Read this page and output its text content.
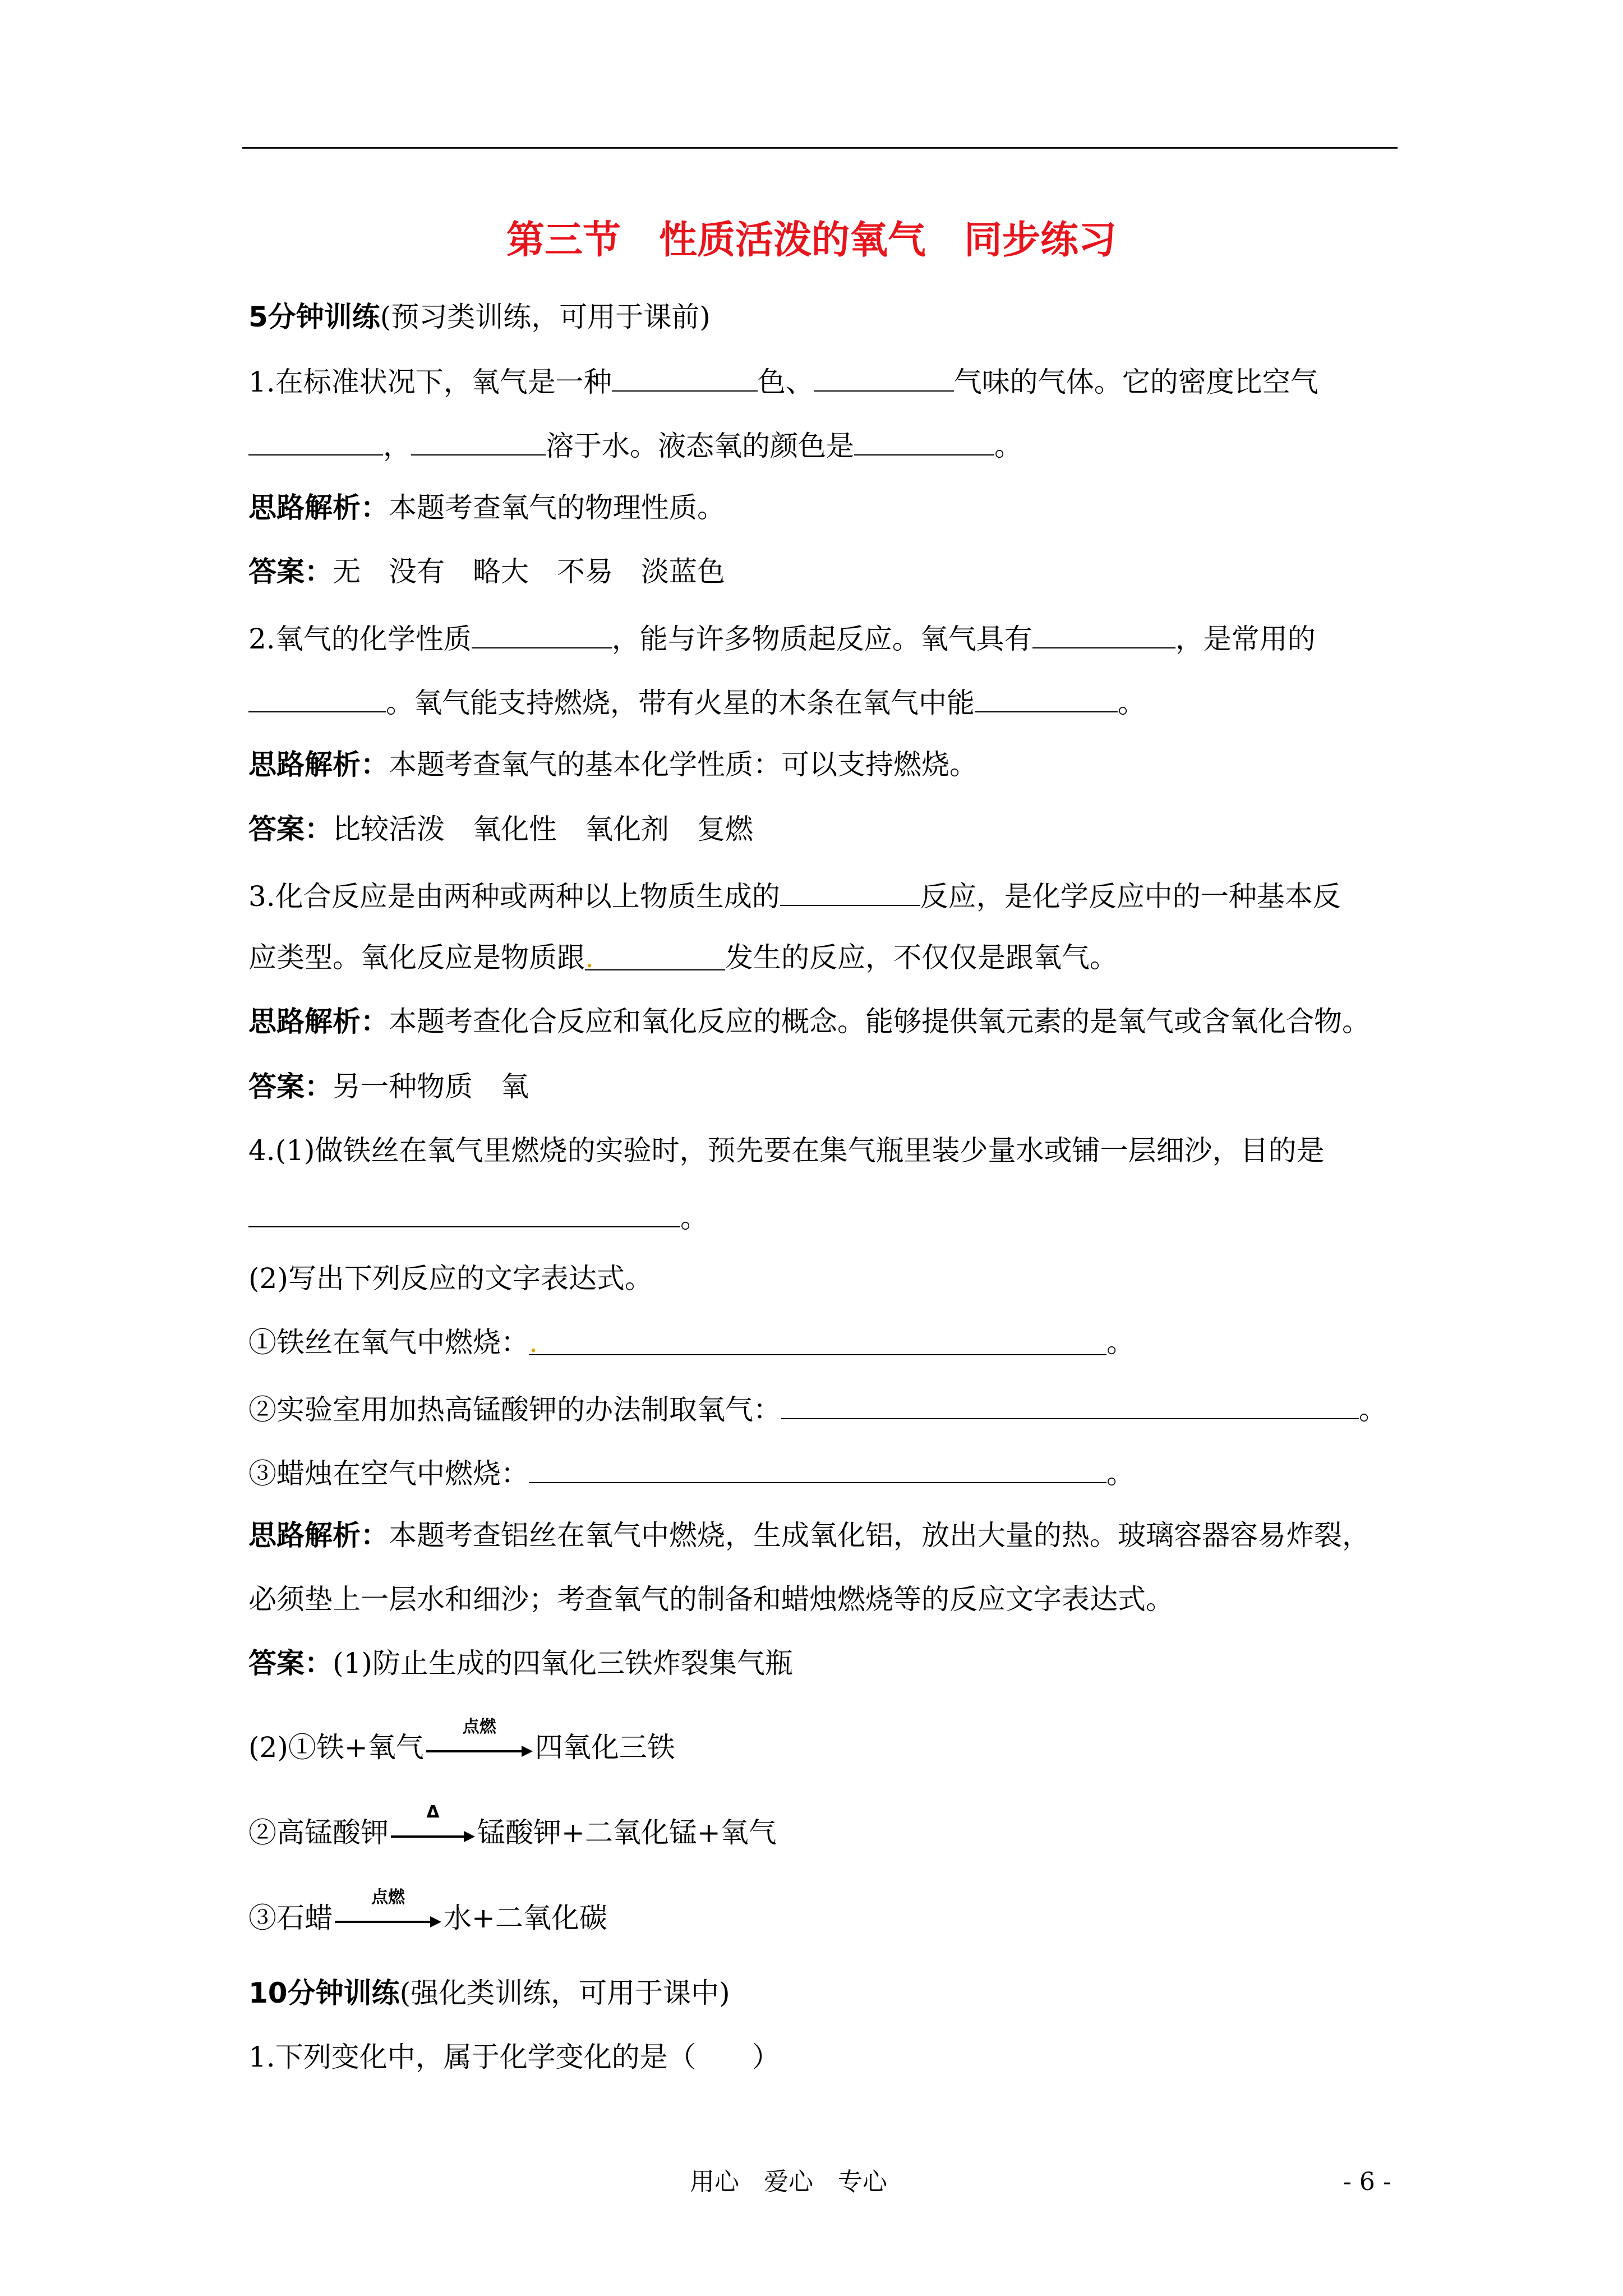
第三节　性质活泼的氧气　同步练习
5分钟训练(预习类训练，可用于课前)
1.在标准状况下，氧气是一种	色、	气味的气体。它的密度比空气
，	溶于水。液态氧的颜色是	。
思路解析：本题考查氧气的物理性质。
答案：无　没有　略大　不易　淡蓝色
2.氧气的化学性质	，能与许多物质起反应。氧气具有	，是常用的
。氧气能支持燃烧，带有火星的木条在氧气中能	。
思路解析：本题考查氧气的基本化学性质：可以支持燃烧。
答案：比较活泼　氧化性　氧化剂　复燃
3.化合反应是由两种或两种以上物质生成的	反应，是化学反应中的一种基本反
应类型。氧化反应是物质跟.	发生的反应，不仅仅是跟氧气。
思路解析：本题考查化合反应和氧化反应的概念。能够提供氧元素的是氧气或含氧化合物。
答案：另一种物质　氧
4.(1)做铁丝在氧气里燃烧的实验时，预先要在集气瓶里装少量水或铺一层细沙，目的是
。
(2)写出下列反应的文字表达式。
①铁丝在氧气中燃烧：.	。
②实验室用加热高锰酸钾的办法制取氧气：	。
③蜡烛在空气中燃烧：	。
思路解析：本题考查铝丝在氧气中燃烧，生成氧化铝，放出大量的热。玻璃容器容易炸裂，
必须垫上一层水和细沙；考查氧气的制备和蜡烛燃烧等的反应文字表达式。
答案：(1)防止生成的四氧化三铁炸裂集气瓶
(2)①铁+氧气
点燃
四氧化三铁
②高锰酸钾
Δ
锰酸钾+二氧化锰+氧气
③石蜡
点燃
水+二氧化碳
10分钟训练(强化类训练，可用于课中)
1.下列变化中，属于化学变化的是（　　）
用心　爱心　专心	- 6 -
